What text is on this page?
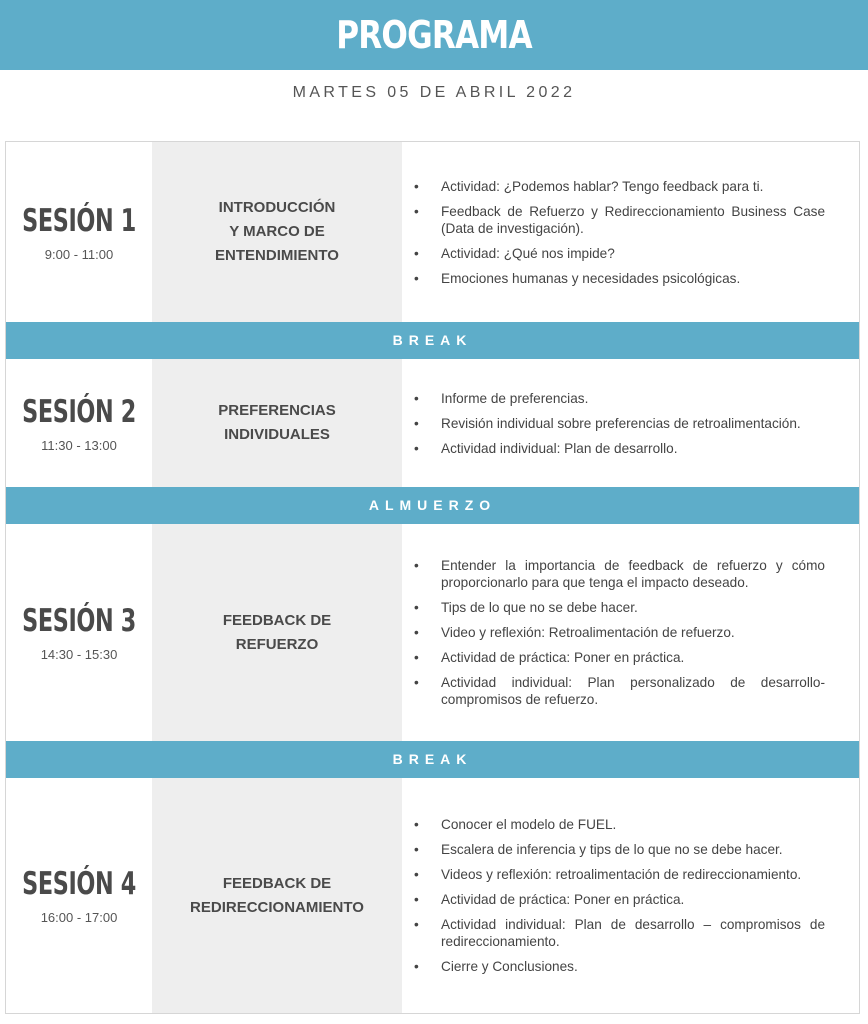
PROGRAMA
MARTES 05 DE ABRIL 2022
SESIÓN 1
9:00 - 11:00
INTRODUCCIÓN
Y MARCO DE
ENTENDIMIENTO
• Actividad: ¿Podemos hablar? Tengo feedback para ti.
• Feedback de Refuerzo y Redireccionamiento Business Case (Data de investigación).
• Actividad: ¿Qué nos impide?
• Emociones humanas y necesidades psicológicas.
BREAK
SESIÓN 2
11:30 - 13:00
PREFERENCIAS
INDIVIDUALES
• Informe de preferencias.
• Revisión individual sobre preferencias de retroalimentación.
• Actividad individual: Plan de desarrollo.
ALMUERZO
SESIÓN 3
14:30 - 15:30
FEEDBACK DE
REFUERZO
• Entender la importancia de feedback de refuerzo y cómo proporcionarlo para que tenga el impacto deseado.
• Tips de lo que no se debe hacer.
• Video y reflexión: Retroalimentación de refuerzo.
• Actividad de práctica: Poner en práctica.
• Actividad individual: Plan personalizado de desarrollo- compromisos de refuerzo.
BREAK
SESIÓN 4
16:00 - 17:00
FEEDBACK DE
REDIRECCIONAMIENTO
• Conocer el modelo de FUEL.
• Escalera de inferencia y tips de lo que no se debe hacer.
• Videos y reflexión: retroalimentación de redireccionamiento.
• Actividad de práctica: Poner en práctica.
• Actividad individual: Plan de desarrollo – compromisos de redireccionamiento.
• Cierre y Conclusiones.
